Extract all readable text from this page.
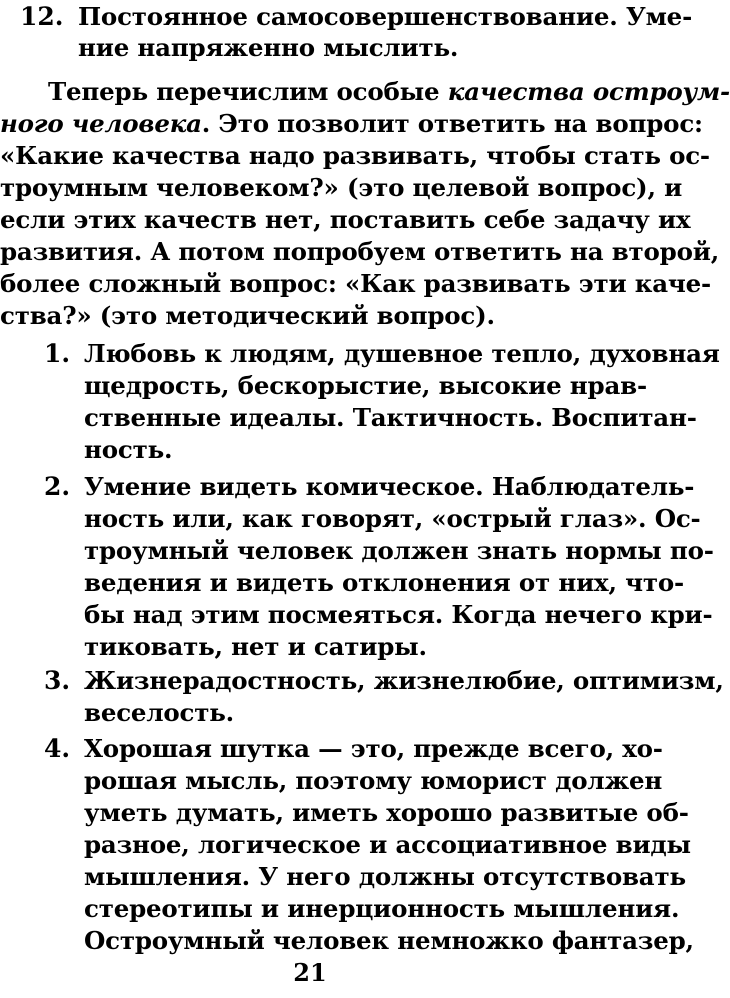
12. Постоянное самосовершенствование. Уме-
ние напряженно мыслить.
Теперь перечислим особые качества остроум-
ного человека. Это позволит ответить на вопрос:
«Какие качества надо развивать, чтобы стать ос-
троумным человеком?» (это целевой вопрос), и
если этих качеств нет, поставить себе задачу их
развития. А потом попробуем ответить на второй,
более сложный вопрос: «Как развивать эти каче-
ства?» (это методический вопрос).
1. Любовь к людям, душевное тепло, духовная
щедрость, бескорыстие, высокие нрав-
ственные идеалы. Тактичность. Воспитан-
ность.
2. Умение видеть комическое. Наблюдатель-
ность или, как говорят, «острый глаз». Ос-
троумный человек должен знать нормы по-
ведения и видеть отклонения от них, что-
бы над этим посмеяться. Когда нечего кри-
тиковать, нет и сатиры.
3. Жизнерадостность, жизнелюбие, оптимизм,
веселость.
4. Хорошая шутка — это, прежде всего, хо-
рошая мысль, поэтому юморист должен
уметь думать, иметь хорошо развитые об-
разное, логическое и ассоциативное виды
мышления. У него должны отсутствовать
стереотипы и инерционность мышления.
21
Остроумный человек немножко фантазер,
